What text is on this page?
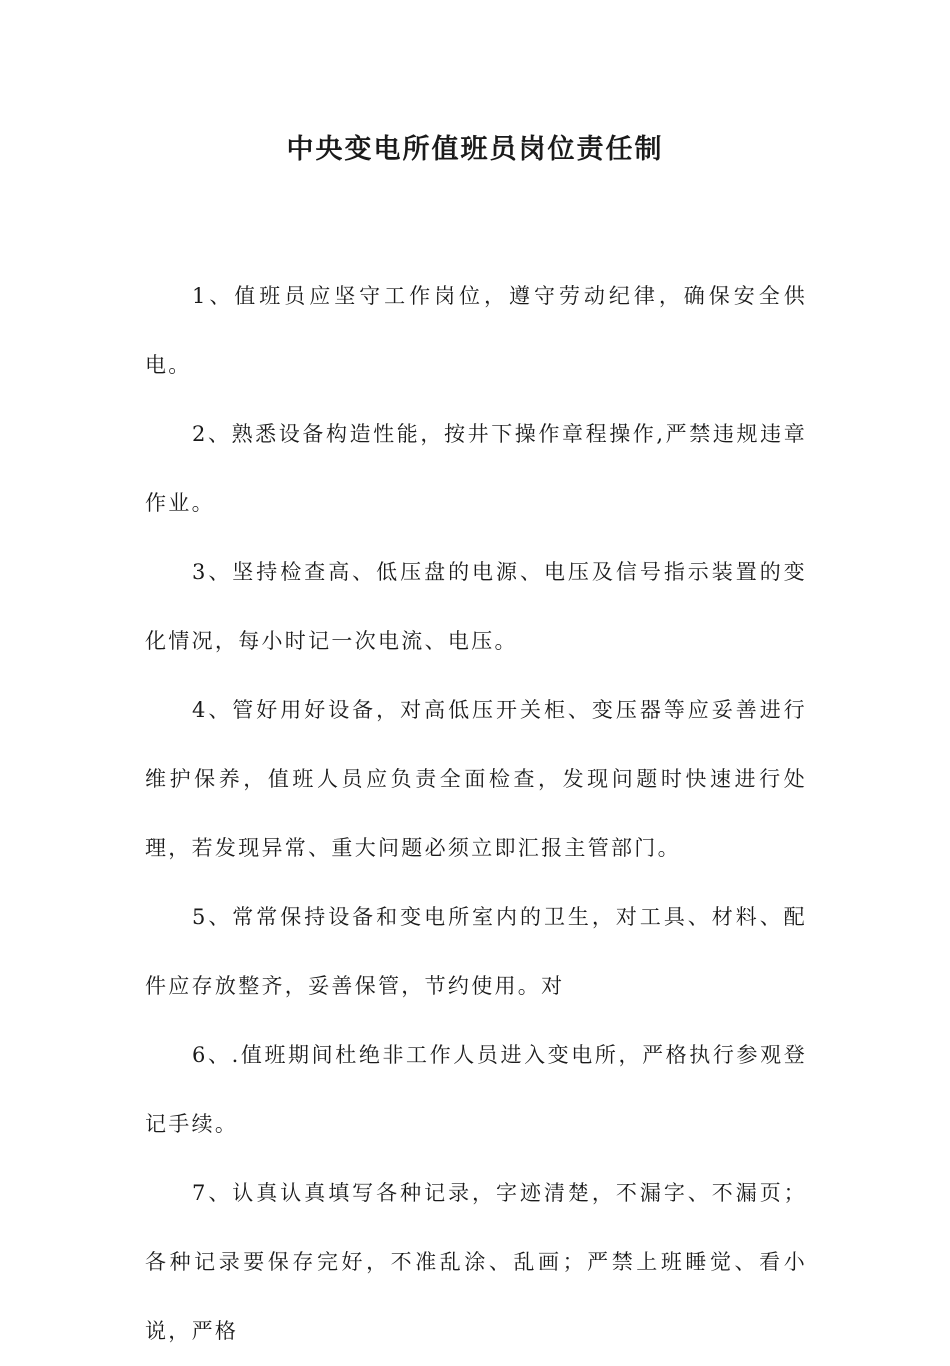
中央变电所值班员岗位责任制

1、值班员应坚守工作岗位，遵守劳动纪律，确保安全供电。

2、熟悉设备构造性能，按井下操作章程操作,严禁违规违章作业。

3、坚持检查高、低压盘的电源、电压及信号指示装置的变化情况，每小时记一次电流、电压。

4、管好用好设备，对高低压开关柜、变压器等应妥善进行维护保养，值班人员应负责全面检查，发现问题时快速进行处理，若发现异常、重大问题必须立即汇报主管部门。

5、常常保持设备和变电所室内的卫生，对工具、材料、配件应存放整齐，妥善保管，节约使用。对

6、.值班期间杜绝非工作人员进入变电所，严格执行参观登记手续。

7、认真认真填写各种记录，字迹清楚，不漏字、不漏页；各种记录要保存完好，不准乱涂、乱画；严禁上班睡觉、看小说，严格
